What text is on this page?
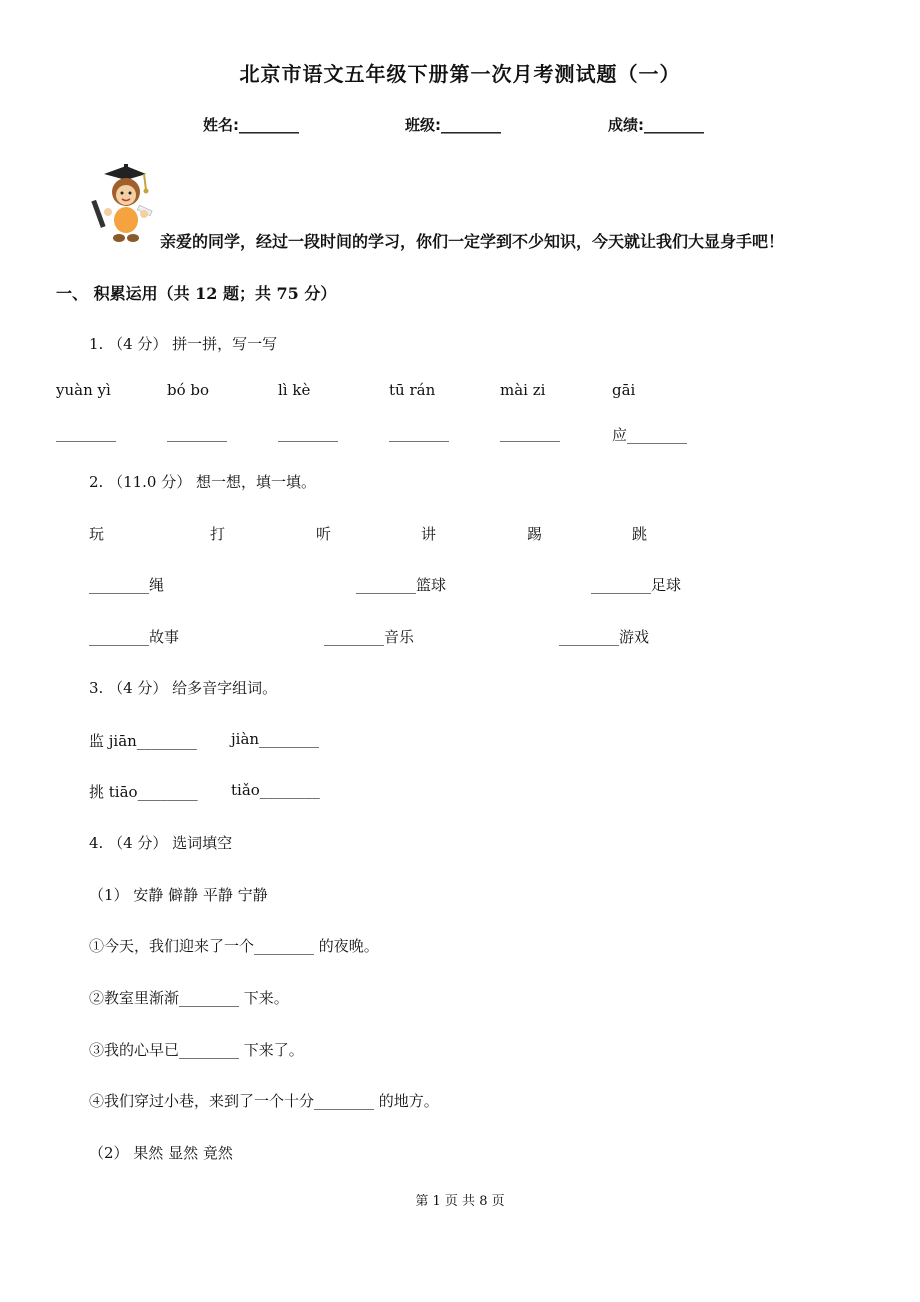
北京市语文五年级下册第一次月考测试题（一）
姓名:________	班级:________	成绩:________
亲爱的同学，经过一段时间的学习，你们一定学到不少知识，今天就让我们大显身手吧！
一、 积累运用（共 12 题；共 75 分）
1. （4 分） 拼一拼，写一写
yuàn yì	bó bo	lì kè	tū rán	mài zi	gāi
________	________	________	________	________	应________
2. （11.0 分） 想一想，填一填。
玩	打	听	讲	踢	跳
________绳	________篮球	________足球
________故事	________音乐	________游戏
3. （4 分） 给多音字组词。
监 jiān________ jiàn________
挑 tiāo________ tiǎo________
4. （4 分） 选词填空
（1） 安静 僻静 平静 宁静
①今天，我们迎来了一个________ 的夜晚。
②教室里渐渐________ 下来。
③我的心早已________ 下来了。
④我们穿过小巷，来到了一个十分________ 的地方。
（2） 果然 显然 竟然
第 1 页 共 8 页
